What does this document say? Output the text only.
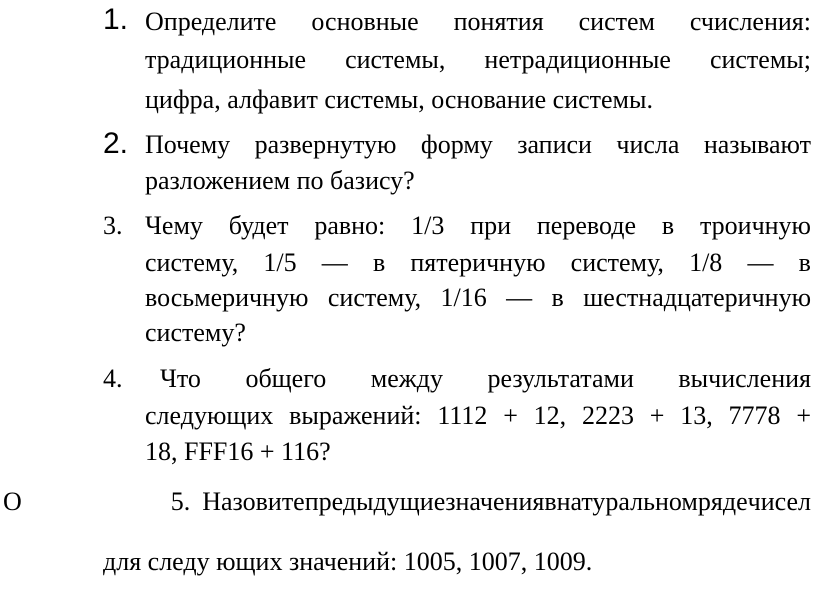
1. Определите основные понятия систем счисления:
традиционные системы, нетрадиционные системы;
цифра, алфавит системы, основание системы.
2. Почему развернутую форму записи числа называют
разложением по базису?
3. Чему будет равно: 1/3 при переводе в троичную
систему, 1/5 — в пятеричную систему, 1/8 — в
восьмеричную систему, 1/16 — в шестнадцатеричную
систему?
4. Что общего между результатами вычисления
следующих выражений: 1112 + 12, 2223 + 13, 7778 +
18, FFF16 + 116?
О	5. Назовите предыдущие значения в натуральном ряде чисел
для следу ющих значений: 1005, 1007, 1009.
